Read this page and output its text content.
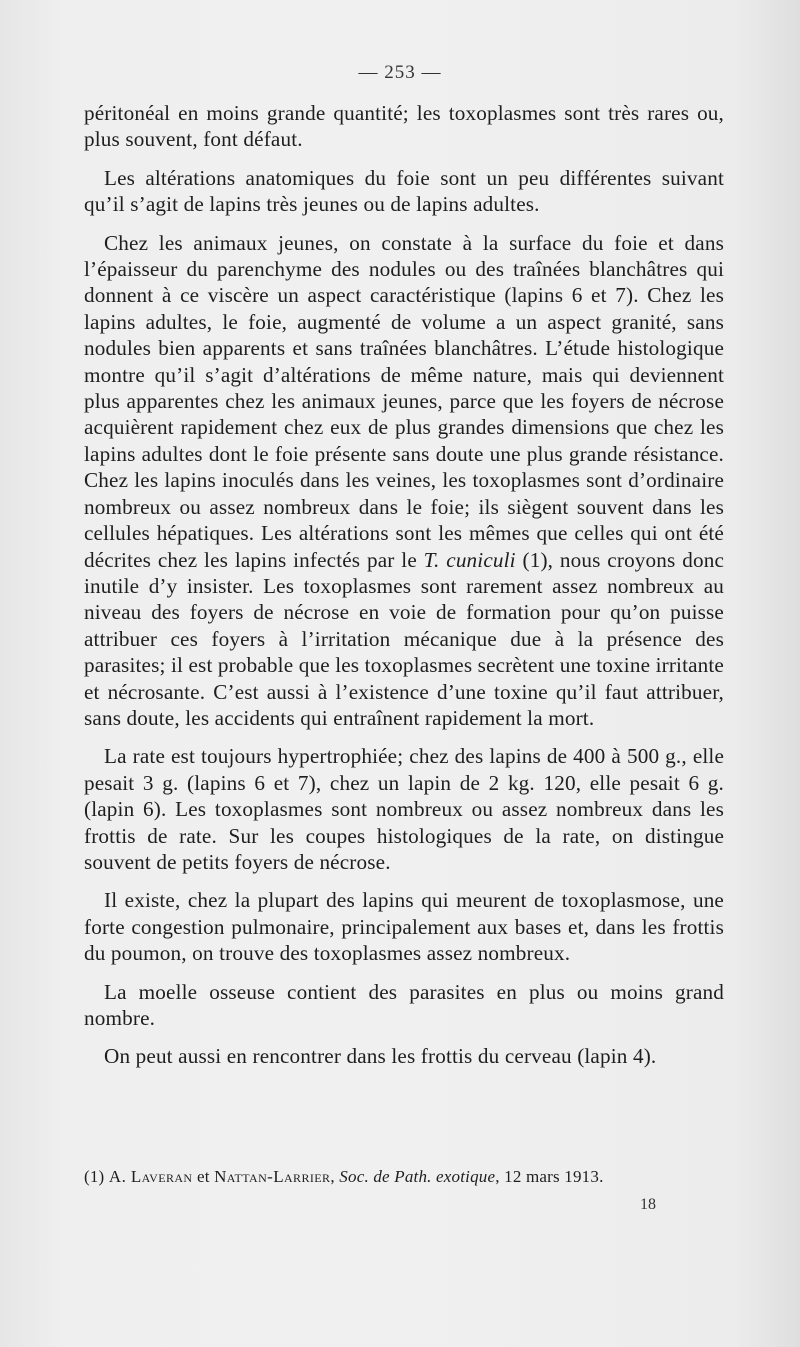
— 253 —

péritonéal en moins grande quantité; les toxoplasmes sont très rares ou, plus souvent, font défaut.

Les altérations anatomiques du foie sont un peu différentes suivant qu’il s’agit de lapins très jeunes ou de lapins adultes.

Chez les animaux jeunes, on constate à la surface du foie et dans l’épaisseur du parenchyme des nodules ou des traînées blanchâtres qui donnent à ce viscère un aspect caractéristique (lapins 6 et 7). Chez les lapins adultes, le foie, augmenté de volume a un aspect granité, sans nodules bien apparents et sans traînées blanchâtres. L’étude histologique montre qu’il s’agit d’altérations de même nature, mais qui deviennent plus apparentes chez les animaux jeunes, parce que les foyers de nécrose acquièrent rapidement chez eux de plus grandes dimensions que chez les lapins adultes dont le foie présente sans doute une plus grande résistance. Chez les lapins inoculés dans les veines, les toxoplasmes sont d’ordinaire nombreux ou assez nombreux dans le foie; ils siègent souvent dans les cellules hépatiques. Les altérations sont les mêmes que celles qui ont été décrites chez les lapins infectés par le T. cuniculi (1), nous croyons donc inutile d’y insister. Les toxoplasmes sont rarement assez nombreux au niveau des foyers de nécrose en voie de formation pour qu’on puisse attribuer ces foyers à l’irritation mécanique due à la présence des parasites; il est probable que les toxoplasmes secrètent une toxine irritante et nécrosante. C’est aussi à l’existence d’une toxine qu’il faut attribuer, sans doute, les accidents qui entraînent rapidement la mort.

La rate est toujours hypertrophiée; chez des lapins de 400 à 500 g., elle pesait 3 g. (lapins 6 et 7), chez un lapin de 2 kg. 120, elle pesait 6 g. (lapin 6). Les toxoplasmes sont nombreux ou assez nombreux dans les frottis de rate. Sur les coupes histologiques de la rate, on distingue souvent de petits foyers de nécrose.

Il existe, chez la plupart des lapins qui meurent de toxoplasmose, une forte congestion pulmonaire, principalement aux bases et, dans les frottis du poumon, on trouve des toxoplasmes assez nombreux.

La moelle osseuse contient des parasites en plus ou moins grand nombre.

On peut aussi en rencontrer dans les frottis du cerveau (lapin 4).

(1) A. Laveran et Nattan-Larrier, Soc. de Path. exotique, 12 mars 1913.
18
